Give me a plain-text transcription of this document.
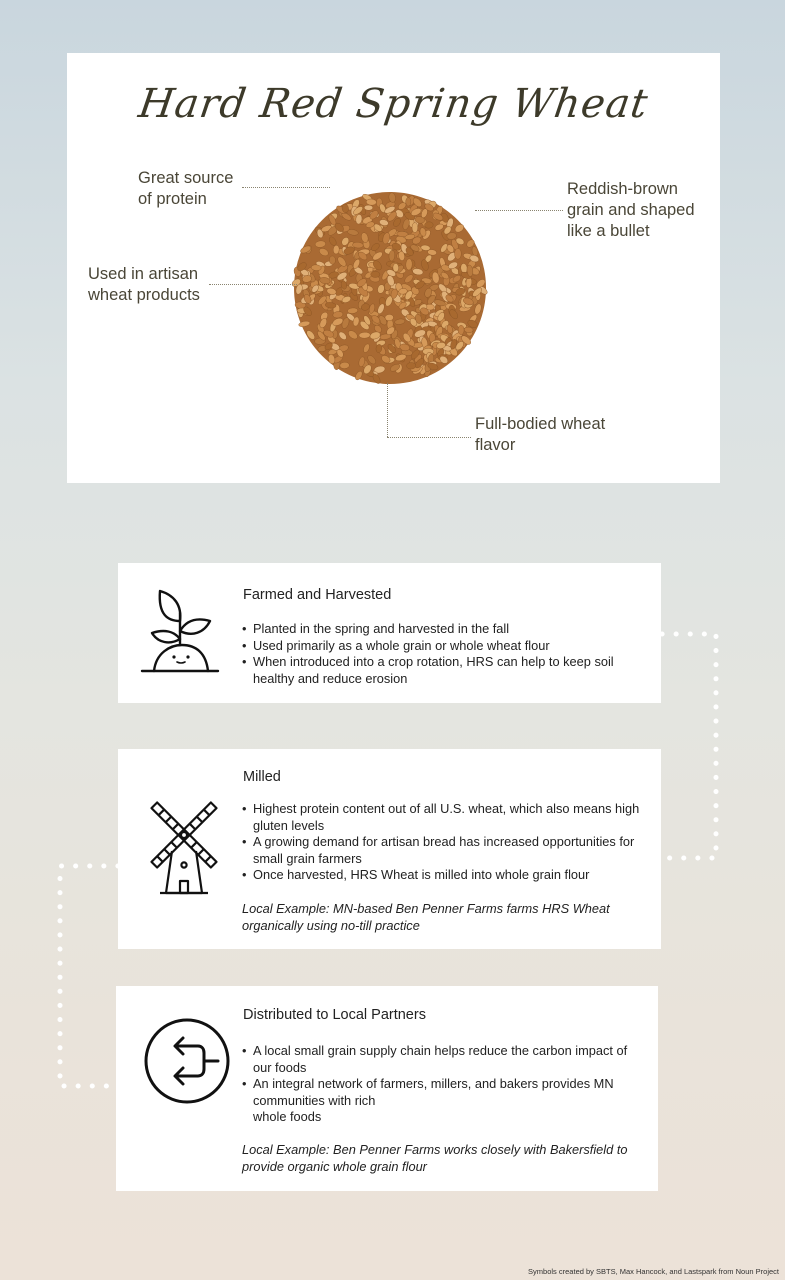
Hard Red Spring Wheat
Great source
of protein
Reddish-brown
grain and shaped
like a bullet
Used in artisan
wheat products
Full-bodied wheat
flavor
Farmed and Harvested
• Planted in the spring and harvested in the fall
• Used primarily as a whole grain or whole wheat flour
• When introduced into a crop rotation, HRS can help to keep soil healthy and reduce erosion
Milled
• Highest protein content out of all U.S. wheat, which also means high gluten levels
• A growing demand for artisan bread has increased opportunities for small grain farmers
• Once harvested, HRS Wheat is milled into whole grain flour
Local Example: MN-based Ben Penner Farms farms HRS Wheat organically using no-till practice
Distributed to Local Partners
• A local small grain supply chain helps reduce the carbon impact of our foods
• An integral network of farmers, millers, and bakers provides MN communities with rich
whole foods
Local Example: Ben Penner Farms works closely with Bakersfield to provide organic whole grain flour
Symbols created by SBTS, Max Hancock, and Lastspark from Noun Project
